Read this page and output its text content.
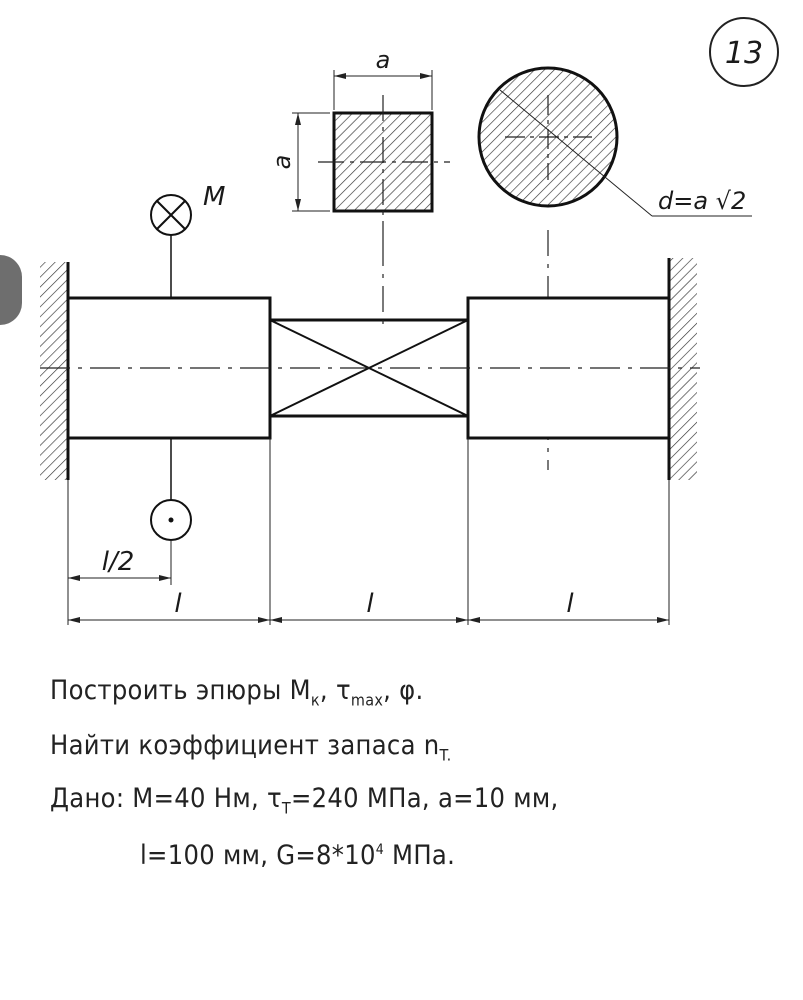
13
a
a
d=a √2
M
l/2
l	l	l
Построить эпюры $M_к$, $\tau_{max}$, φ.
Найти коэффициент запаса $n_{T.}$
Дано: M=40 Нм, $\tau_T=240$ МПа, a=10 мм,
l=100 мм, $G=8*10^4$ МПа.
